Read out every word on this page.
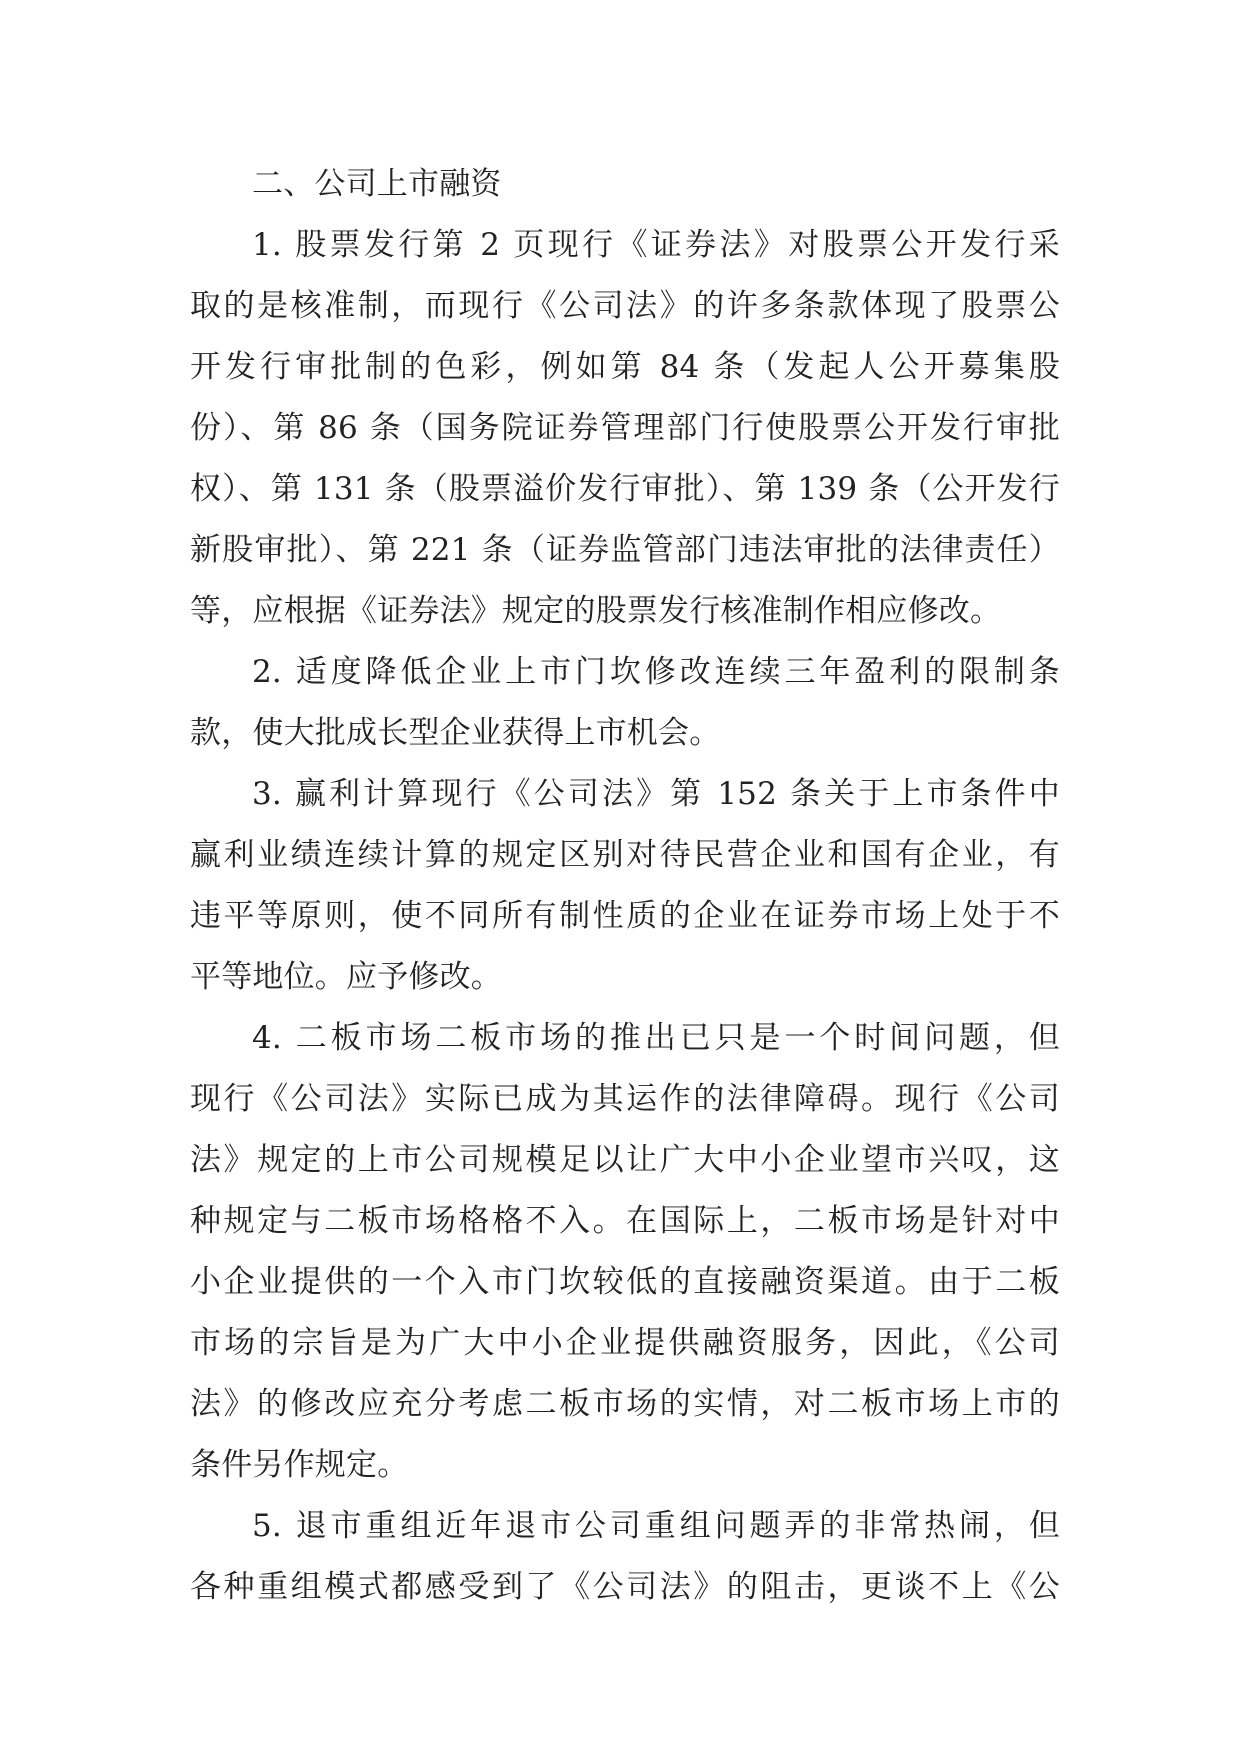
二、公司上市融资
1. 股票发行第 2 页现行《证券法》对股票公开发行采
取的是核准制，而现行《公司法》的许多条款体现了股票公
开发行审批制的色彩，例如第 84 条（发起人公开募集股
份）、第 86 条（国务院证券管理部门行使股票公开发行审批
权）、第 131 条（股票溢价发行审批）、第 139 条（公开发行
新股审批）、第 221 条（证券监管部门违法审批的法律责任）
等，应根据《证券法》规定的股票发行核准制作相应修改。
2. 适度降低企业上市门坎修改连续三年盈利的限制条
款，使大批成长型企业获得上市机会。
3. 赢利计算现行《公司法》第 152 条关于上市条件中
赢利业绩连续计算的规定区别对待民营企业和国有企业，有
违平等原则，使不同所有制性质的企业在证券市场上处于不
平等地位。应予修改。
4. 二板市场二板市场的推出已只是一个时间问题，但
现行《公司法》实际已成为其运作的法律障碍。现行《公司
法》规定的上市公司规模足以让广大中小企业望市兴叹，这
种规定与二板市场格格不入。在国际上，二板市场是针对中
小企业提供的一个入市门坎较低的直接融资渠道。由于二板
市场的宗旨是为广大中小企业提供融资服务，因此，《公司
法》的修改应充分考虑二板市场的实情，对二板市场上市的
条件另作规定。
5. 退市重组近年退市公司重组问题弄的非常热闹，但
各种重组模式都感受到了《公司法》的阻击，更谈不上《公
